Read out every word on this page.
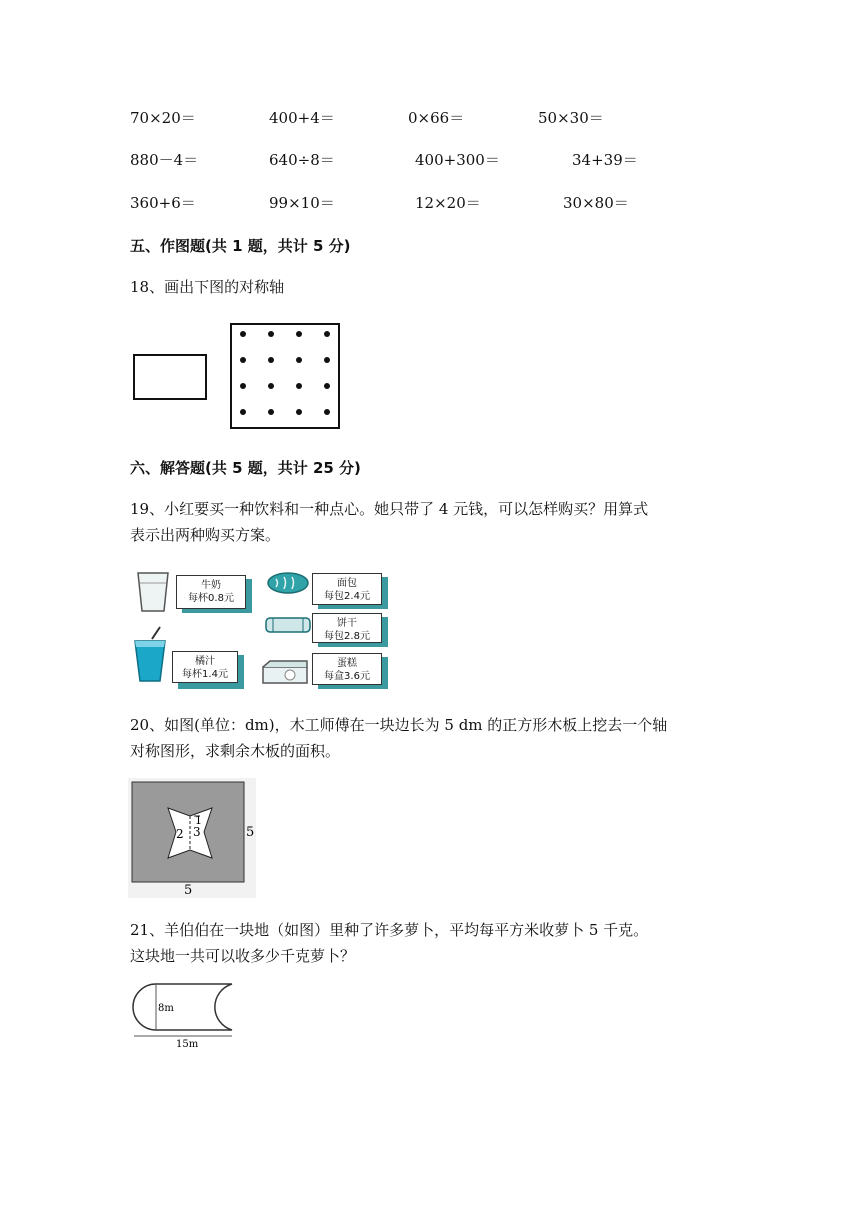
70×20＝	400+4＝	0×66＝	50×30＝
880－4＝	640÷8＝	400+300＝	34+39＝
360+6＝	99×10＝	12×20＝	30×80＝
五、作图题(共 1 题，共计 5 分)
18、画出下图的对称轴
六、解答题(共 5 题，共计 25 分)
19、小红要买一种饮料和一种点心。她只带了 4 元钱，可以怎样购买？用算式
表示出两种购买方案。
牛奶
每杯0.8元
橘汁
每杯1.4元
面包
每包2.4元
饼干
每包2.8元
蛋糕
每盒3.6元
20、如图(单位：dm)，木工师傅在一块边长为 5 dm 的正方形木板上挖去一个轴
对称图形，求剩余木板的面积。
2 3
1
5
5
21、羊伯伯在一块地（如图）里种了许多萝卜，平均每平方米收萝卜 5 千克。
这块地一共可以收多少千克萝卜？
8m
15m
